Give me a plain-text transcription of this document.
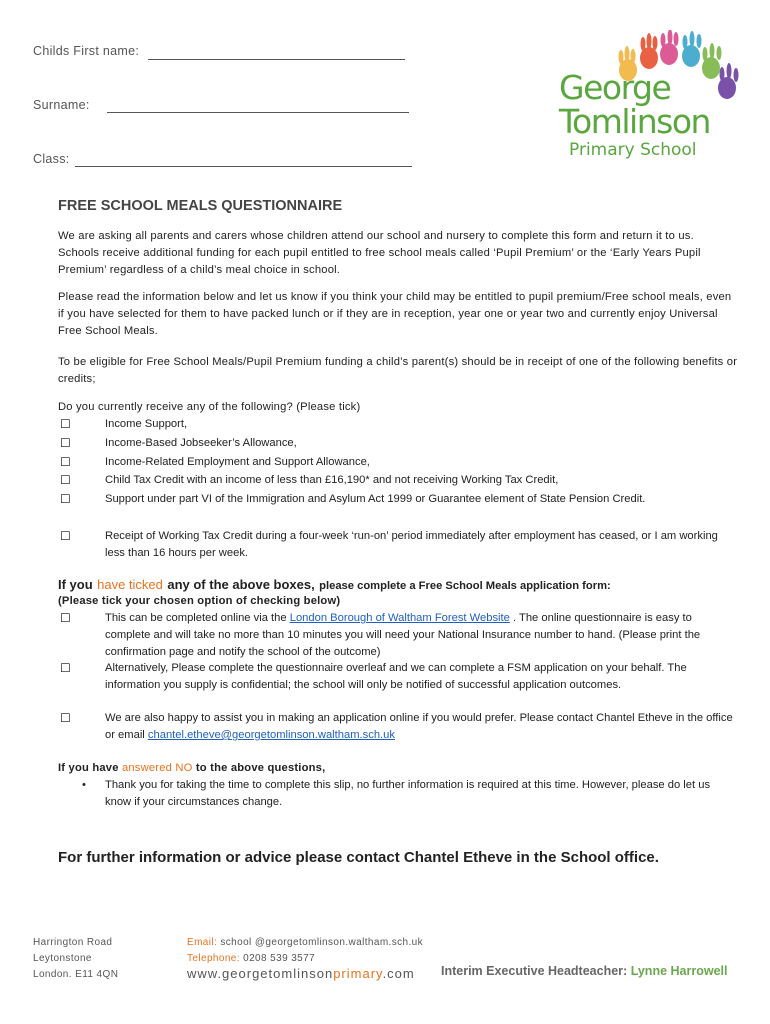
Childs First name:
Surname:
Class:
George
Tomlinson
Primary School
FREE SCHOOL MEALS QUESTIONNAIRE
We are asking all parents and carers whose children attend our school and nursery to complete this form and return it to us. Schools receive additional funding for each pupil entitled to free school meals called ‘Pupil Premium’ or the ‘Early Years Pupil Premium’ regardless of a child’s meal choice in school.
Please read the information below and let us know if you think your child may be entitled to pupil premium/Free school meals, even if you have selected for them to have packed lunch or if they are in reception, year one or year two and currently enjoy Universal Free School Meals.
To be eligible for Free School Meals/Pupil Premium funding a child’s parent(s) should be in receipt of one of the following benefits or credits;
Do you currently receive any of the following? (Please tick)
☐	Income Support,
☐	Income-Based Jobseeker’s Allowance,
☐	Income-Related Employment and Support Allowance,
☐	Child Tax Credit with an income of less than £16,190* and not receiving Working Tax Credit,
☐	Support under part VI of the Immigration and Asylum Act 1999 or Guarantee element of State Pension Credit.
☐	Receipt of Working Tax Credit during a four-week ‘run-on’ period immediately after employment has ceased, or I am working less than 16 hours per week.
If you have ticked any of the above boxes, please complete a Free School Meals application form:
(Please tick your chosen option of checking below)
☐	This can be completed online via the London Borough of Waltham Forest Website . The online questionnaire is easy to complete and will take no more than 10 minutes you will need your National Insurance number to hand. (Please print the confirmation page and notify the school of the outcome)
☐	Alternatively, Please complete the questionnaire overleaf and we can complete a FSM application on your behalf. The information you supply is confidential; the school will only be notified of successful application outcomes.
☐	We are also happy to assist you in making an application online if you would prefer. Please contact Chantel Etheve in the office or email chantel.etheve@georgetomlinson.waltham.sch.uk
If you have answered NO to the above questions,
• Thank you for taking the time to complete this slip, no further information is required at this time. However, please do let us know if your circumstances change.
For further information or advice please contact Chantel Etheve in the School office.
Harrington Road
Leytonstone
London. E11 4QN
Email: school @georgetomlinson.waltham.sch.uk
Telephone: 0208 539 3577
www.georgetomlinsonprimary.com Interim Executive Headteacher: Lynne Harrowell
